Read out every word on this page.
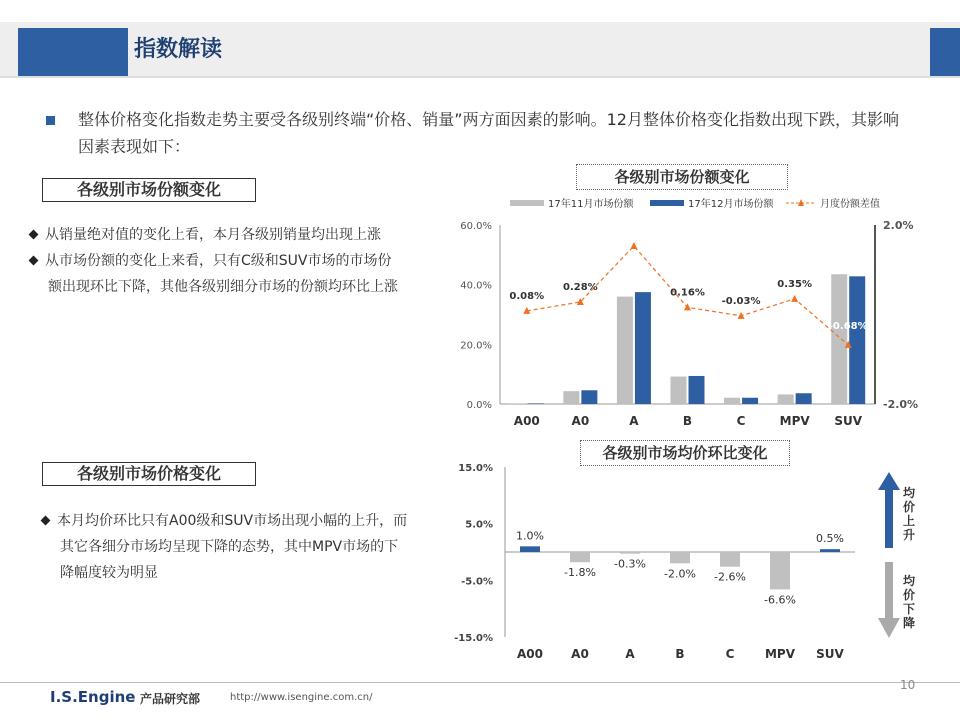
指数解读
整体价格变化指数走势主要受各级别终端“价格、销量”两方面因素的影响。12月整体价格变化指数出现下跌，其影响因素表现如下：
各级别市场份额变化
从销量绝对值的变化上看，本月各级别销量均出现上涨
从市场份额的变化上来看，只有C级和SUV市场的市场份额出现环比下降，其他各级别细分市场的份额均环比上涨
各级别市场价格变化
本月均价环比只有A00级和SUV市场出现小幅的上升，而其它各细分市场均呈现下降的态势，其中MPV市场的下降幅度较为明显
各级别市场份额变化
0.0%
20.0%
40.0%
60.0%
-2.0%
2.0%
A00	A0	A	B	C	MPV SUV
0.08%
0.28%	0.16%
-0.03%
0.35%
-0.68%
17年11月市场份额	17年12月市场份额	月度份额差值
各级别市场均价环比变化
-15.0%
-5.0%
5.0%
15.0%
1.0%
A00
-1.8%
A0
-0.3%
A
-2.0%
B
-2.6%
C
-6.6%
MPV
0.5%
SUV
均价上升
均价下降
I.S.Engine 产品研究部	http://www.isengine.com.cn/
10
